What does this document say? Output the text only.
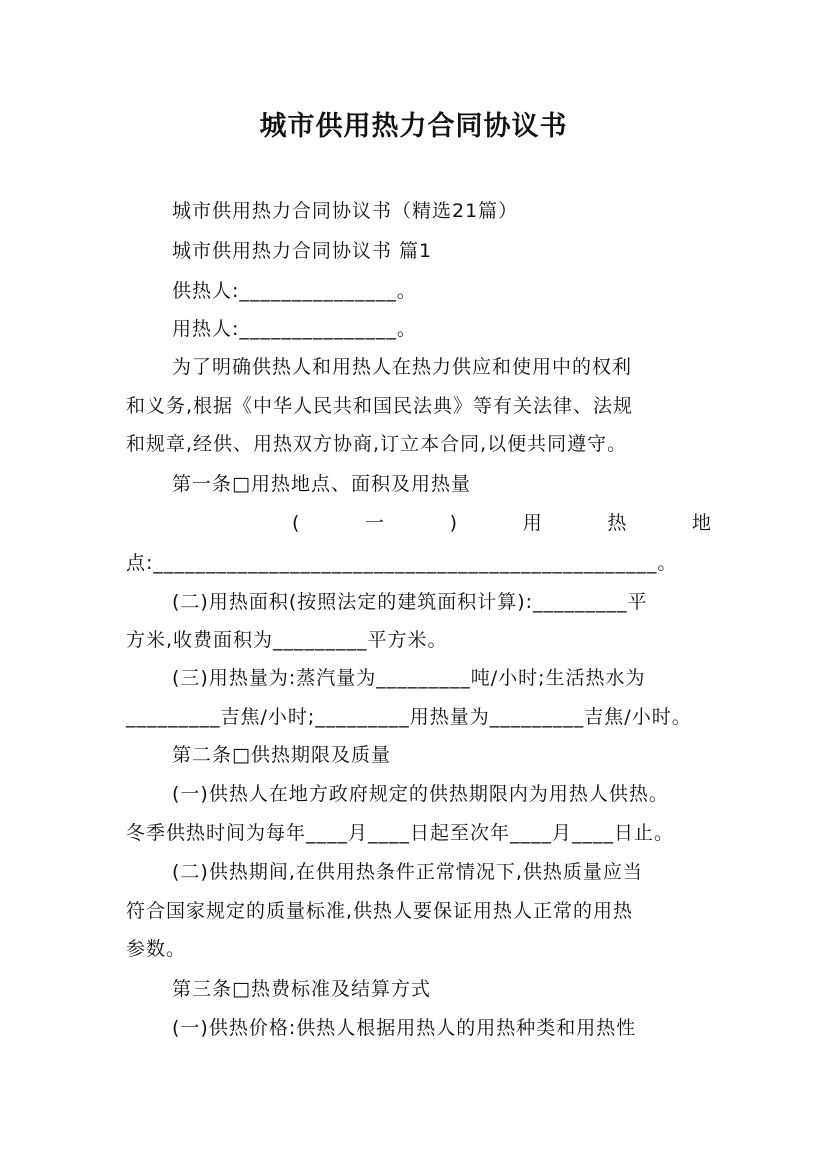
城市供用热力合同协议书
城市供用热力合同协议书（精选21篇）
城市供用热力合同协议书 篇1
供热人:_______________。
用热人:_______________。
为了明确供热人和用热人在热力供应和使用中的权利
和义务,根据《中华人民共和国民法典》等有关法律、法规
和规章,经供、用热双方协商,订立本合同,以便共同遵守。
第一条□用热地点、面积及用热量
(	一	)	用	热	地
点:________________________________________________。
(二)用热面积(按照法定的建筑面积计算):_________平
方米,收费面积为_________平方米。
(三)用热量为:蒸汽量为_________吨/小时;生活热水为
_________吉焦/小时;_________用热量为_________吉焦/小时。
第二条□供热期限及质量
(一)供热人在地方政府规定的供热期限内为用热人供热。
冬季供热时间为每年____月____日起至次年____月____日止。
(二)供热期间,在供用热条件正常情况下,供热质量应当
符合国家规定的质量标准,供热人要保证用热人正常的用热
参数。
第三条□热费标准及结算方式
(一)供热价格:供热人根据用热人的用热种类和用热性
